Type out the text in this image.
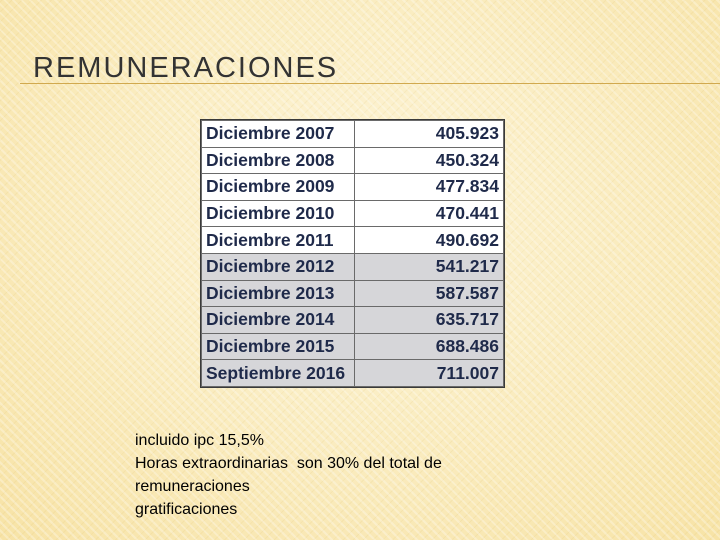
REMUNERACIONES
Diciembre 2007	405.923
Diciembre 2008	450.324
Diciembre 2009	477.834
Diciembre 2010	470.441
Diciembre 2011	490.692
Diciembre 2012	541.217
Diciembre 2013	587.587
Diciembre 2014	635.717
Diciembre 2015	688.486
Septiembre 2016	711.007
incluido ipc 15,5%
Horas extraordinarias  son 30% del total de
remuneraciones
gratificaciones
